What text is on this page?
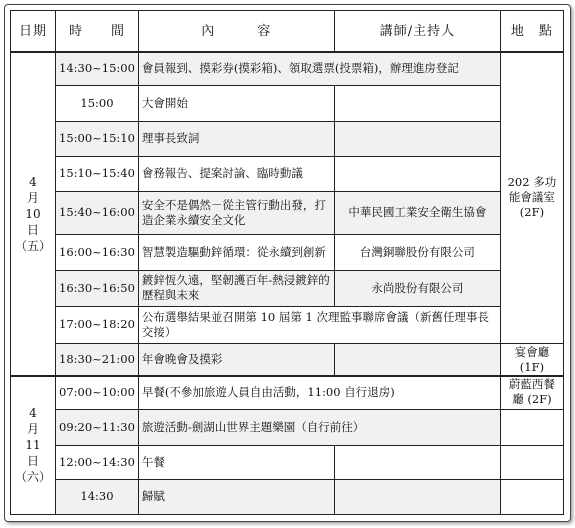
日期	時　　間	內　　　容	講師/主持人	地　點

4
月
10
日
（五）	14:30~15:00	會員報到、摸彩券(摸彩箱)、領取選票(投票箱)，辦理進房登記		202 多功能會議室(2F)

	15:00	大會開始		
	15:00~15:10	理事長致詞		
	15:10~15:40	會務報告、提案討論、臨時動議		
	15:40~16:00	安全不是偶然－從主管行動出發，打造企業永續安全文化	中華民國工業安全衛生協會	
	16:00~16:30	智慧製造驅動鋅循環：從永續到創新	台灣銅聯股份有限公司	
	16:30~16:50	鍍鋅恆久遠，堅韌護百年-熱浸鍍鋅的歷程與未來	永尚股份有限公司	
	17:00~18:20	公布選舉結果並召開第 10 屆第 1 次理監事聯席會議（新舊任理事長交接）		
	18:30~21:00	年會晚會及摸彩		宴會廳(1F)

4
月
11
日
（六）	07:00~10:00	早餐(不參加旅遊人員自由活動，11:00 自行退房)		蔚藍西餐廳 (2F)
	09:20~11:30	旅遊活動-劍湖山世界主題樂園（自行前往）		
	12:00~14:30	午餐		
	14:30	歸賦		
